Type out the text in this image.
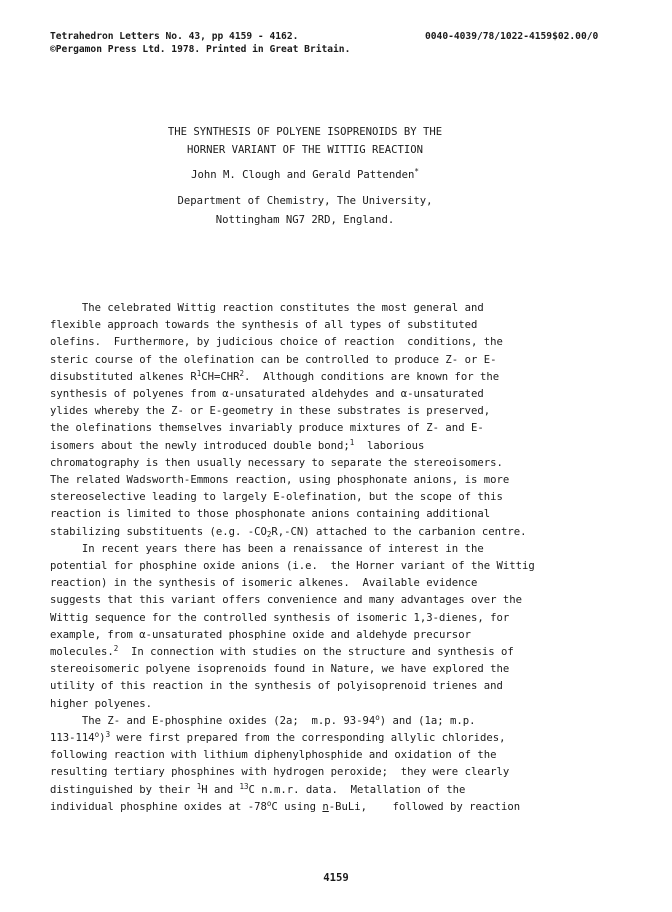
Tetrahedron Letters No. 43, pp 4159 - 4162.
©Pergamon Press Ltd. 1978. Printed in Great Britain.
0040-4039/78/1022-4159$02.00/0
THE SYNTHESIS OF POLYENE ISOPRENOIDS BY THE
HORNER VARIANT OF THE WITTIG REACTION
John M. Clough and Gerald Pattenden*
Department of Chemistry, The University,
Nottingham NG7 2RD, England.
The celebrated Wittig reaction constitutes the most general and
flexible approach towards the synthesis of all types of substituted
olefins.  Furthermore, by judicious choice of reaction  conditions, the
steric course of the olefination can be controlled to produce Z- or E-
disubstituted alkenes $R^1CH=CHR^2$.  Although conditions are known for the
synthesis of polyenes from α-unsaturated aldehydes and α-unsaturated
ylides whereby the Z- or E-geometry in these substrates is preserved,
the olefinations themselves invariably produce mixtures of Z- and E-
isomers about the newly introduced double bond;$^1$  laborious
chromatography is then usually necessary to separate the stereoisomers.
The related Wadsworth-Emmons reaction, using phosphonate anions, is more
stereoselective leading to largely E-olefination, but the scope of this
reaction is limited to those phosphonate anions containing additional
stabilizing substituents (e.g. $-CO_2R,-CN$) attached to the carbanion centre.
In recent years there has been a renaissance of interest in the
potential for phosphine oxide anions (i.e.  the Horner variant of the Wittig
reaction) in the synthesis of isomeric alkenes.  Available evidence
suggests that this variant offers convenience and many advantages over the
Wittig sequence for the controlled synthesis of isomeric 1,3-dienes, for
example, from α-unsaturated phosphine oxide and aldehyde precursor
molecules.$^2$  In connection with studies on the structure and synthesis of
stereoisomeric polyene isoprenoids found in Nature, we have explored the
utility of this reaction in the synthesis of polyisoprenoid trienes and
higher polyenes.
The Z- and E-phosphine oxides (2a;  m.p. 93-94$^o$) and (1a; m.p.
113-114$^o$)$^3$ were first prepared from the corresponding allylic chlorides,
following reaction with lithium diphenylphosphide and oxidation of the
resulting tertiary phosphines with hydrogen peroxide;  they were clearly
distinguished by their $^1$H and $^{13}$C n.m.r. data.  Metallation of the
individual phosphine oxides at -78$^o$C using n-BuLi,    followed by reaction
4159
